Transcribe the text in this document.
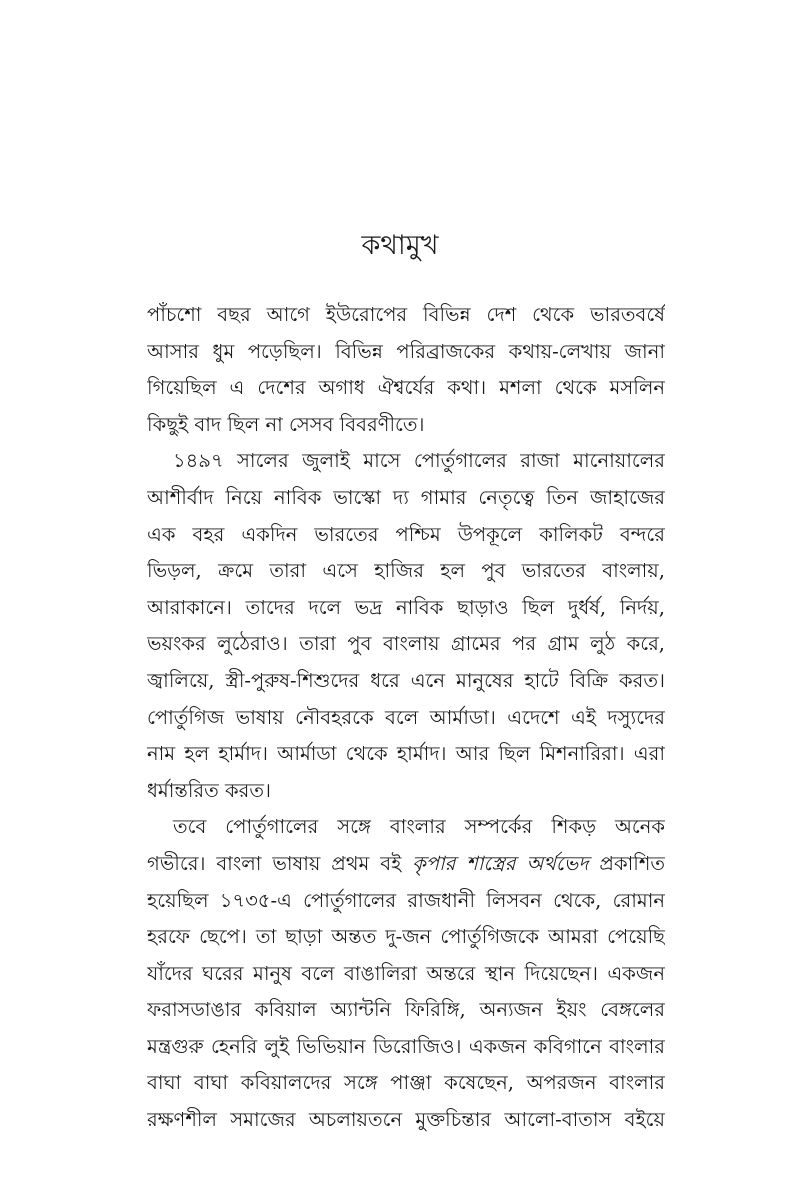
কথামুখ
পাঁচশো বছর আগে ইউরোপের বিভিন্ন দেশ থেকে ভারতবর্ষে
আসার ধুম পড়েছিল। বিভিন্ন পরিব্রাজকের কথায়-লেখায় জানা
গিয়েছিল এ দেশের অগাধ ঐশ্বর্যের কথা। মশলা থেকে মসলিন
কিছুই বাদ ছিল না সেসব বিবরণীতে।
১৪৯৭ সালের জুলাই মাসে পোর্তুগালের রাজা মানোয়ালের
আশীর্বাদ নিয়ে নাবিক ভাস্কো দ্য গামার নেতৃত্বে তিন জাহাজের
এক বহর একদিন ভারতের পশ্চিম উপকূলে কালিকট বন্দরে
ভিড়ল, ক্রমে তারা এসে হাজির হল পুব ভারতের বাংলায়,
আরাকানে। তাদের দলে ভদ্র নাবিক ছাড়াও ছিল দুর্ধর্ষ, নির্দয়,
ভয়ংকর লুঠেরাও। তারা পুব বাংলায় গ্রামের পর গ্রাম লুঠ করে,
জ্বালিয়ে, স্ত্রী-পুরুষ-শিশুদের ধরে এনে মানুষের হাটে বিক্রি করত।
পোর্তুগিজ ভাষায় নৌবহরকে বলে আর্মাডা। এদেশে এই দস্যুদের
নাম হল হার্মাদ। আর্মাডা থেকে হার্মাদ। আর ছিল মিশনারিরা। এরা
ধর্মান্তরিত করত।
তবে পোর্তুগালের সঙ্গে বাংলার সম্পর্কের শিকড় অনেক
গভীরে। বাংলা ভাষায় প্রথম বই কৃপার শাস্ত্রের অর্থভেদ প্রকাশিত
হয়েছিল ১৭৩৫-এ পোর্তুগালের রাজধানী লিসবন থেকে, রোমান
হরফে ছেপে। তা ছাড়া অন্তত দু-জন পোর্তুগিজকে আমরা পেয়েছি
যাঁদের ঘরের মানুষ বলে বাঙালিরা অন্তরে স্থান দিয়েছেন। একজন
ফরাসডাঙার কবিয়াল অ্যান্টনি ফিরিঙ্গি, অন্যজন ইয়ং বেঙ্গলের
মন্ত্রগুরু হেনরি লুই ভিভিয়ান ডিরোজিও। একজন কবিগানে বাংলার
বাঘা বাঘা কবিয়ালদের সঙ্গে পাঞ্জা কষেছেন, অপরজন বাংলার
রক্ষণশীল সমাজের অচলায়তনে মুক্তচিন্তার আলো-বাতাস বইয়ে
